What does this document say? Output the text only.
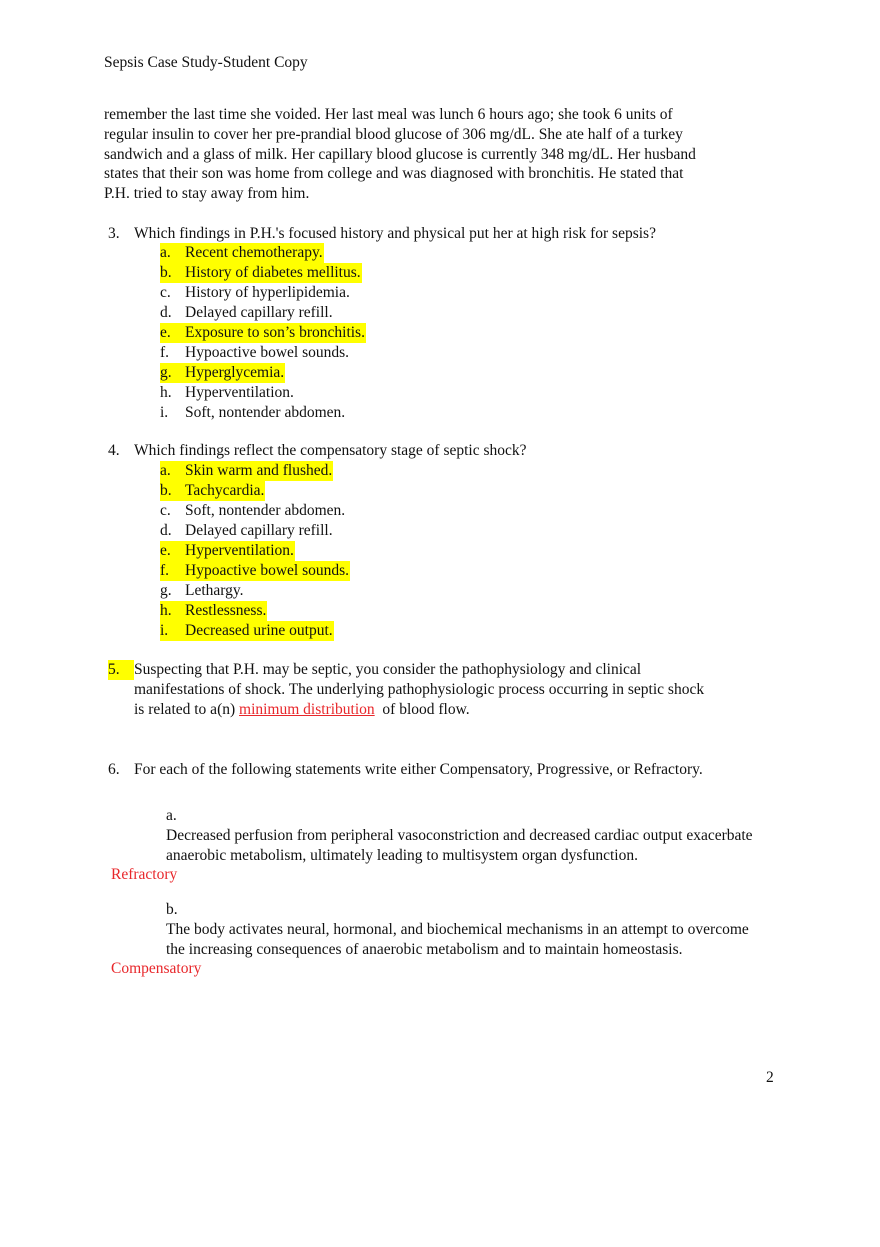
Sepsis Case Study-Student Copy
remember the last time she voided. Her last meal was lunch 6 hours ago; she took 6 units of
regular insulin to cover her pre-prandial blood glucose of 306 mg/dL. She ate half of a turkey
sandwich and a glass of milk. Her capillary blood glucose is currently 348 mg/dL. Her husband
states that their son was home from college and was diagnosed with bronchitis. He stated that
P.H. tried to stay away from him.
3. Which findings in P.H.'s focused history and physical put her at high risk for sepsis?
a. Recent chemotherapy.
b. History of diabetes mellitus.
c. History of hyperlipidemia.
d. Delayed capillary refill.
e. Exposure to son’s bronchitis.
f. Hypoactive bowel sounds.
g. Hyperglycemia.
h. Hyperventilation.
i. Soft, nontender abdomen.
4. Which findings reflect the compensatory stage of septic shock?
a. Skin warm and flushed.
b. Tachycardia.
c. Soft, nontender abdomen.
d. Delayed capillary refill.
e. Hyperventilation.
f. Hypoactive bowel sounds.
g. Lethargy.
h. Restlessness.
i. Decreased urine output.
5. Suspecting that P.H. may be septic, you consider the pathophysiology and clinical
manifestations of shock. The underlying pathophysiologic process occurring in septic shock
is related to a(n) minimum distribution  of blood flow.
6. For each of the following statements write either Compensatory, Progressive, or Refractory.
a.Decreased perfusion from peripheral vasoconstriction and decreased cardiac output exacerbate anaerobic metabolism, ultimately leading to multisystem organ dysfunction.
Refractory
b.The body activates neural, hormonal, and biochemical mechanisms in an attempt to overcome the increasing consequences of anaerobic metabolism and to maintain homeostasis.
Compensatory
2
